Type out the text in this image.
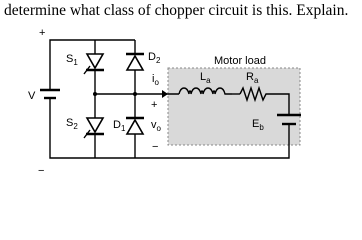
determine what class of chopper circuit is this. Explain.

Motor load
V
+
−
$S_1$
$S_2$
$D_2$
$D_1$
$i_o$
+
$v_o$
−
$L_a$	$R_a$
$E_b$
